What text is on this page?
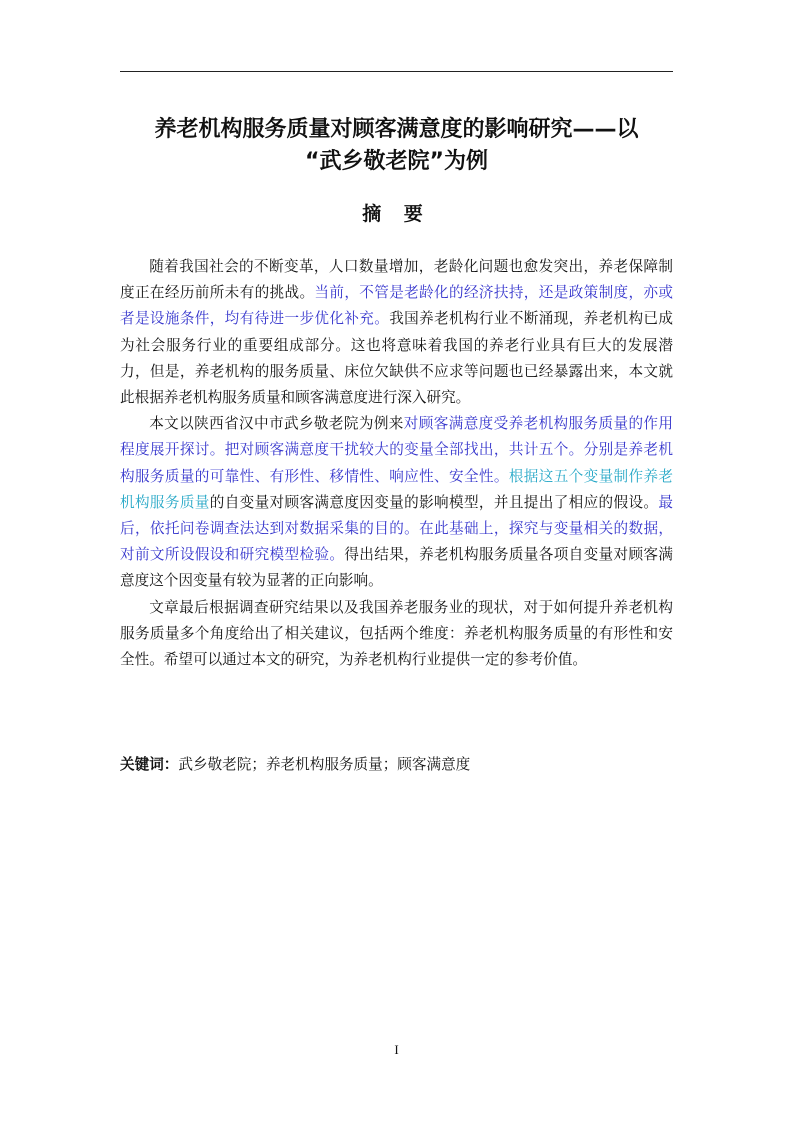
养老机构服务质量对顾客满意度的影响研究——以
“武乡敬老院”为例
摘 要

随着我国社会的不断变革，人口数量增加，老龄化问题也愈发突出，养老保障制度正在经历前所未有的挑战。当前，不管是老龄化的经济扶持，还是政策制度，亦或者是设施条件，均有待进一步优化补充。我国养老机构行业不断涌现，养老机构已成为社会服务行业的重要组成部分。这也将意味着我国的养老行业具有巨大的发展潜力，但是，养老机构的服务质量、床位欠缺供不应求等问题也已经暴露出来，本文就此根据养老机构服务质量和顾客满意度进行深入研究。

本文以陕西省汉中市武乡敬老院为例来对顾客满意度受养老机构服务质量的作用程度展开探讨。把对顾客满意度干扰较大的变量全部找出，共计五个。分别是养老机构服务质量的可靠性、有形性、移情性、响应性、安全性。根据这五个变量制作养老机构服务质量的自变量对顾客满意度因变量的影响模型，并且提出了相应的假设。最后，依托问卷调查法达到对数据采集的目的。在此基础上，探究与变量相关的数据，对前文所设假设和研究模型检验。得出结果，养老机构服务质量各项自变量对顾客满意度这个因变量有较为显著的正向影响。

文章最后根据调查研究结果以及我国养老服务业的现状，对于如何提升养老机构服务质量多个角度给出了相关建议，包括两个维度：养老机构服务质量的有形性和安全性。希望可以通过本文的研究，为养老机构行业提供一定的参考价值。

关键词：武乡敬老院；养老机构服务质量；顾客满意度
I
